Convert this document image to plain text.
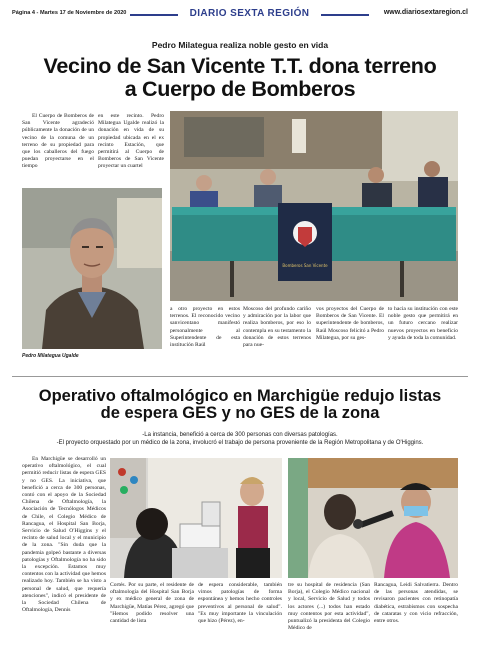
Página 4 - Martes 17 de Noviembre de 2020	DIARIO SEXTA REGIÓN	www.diariosextaregion.cl
Pedro Milategua realiza noble gesto en vida
Vecino de San Vicente T.T. dona terreno
a Cuerpo de Bomberos

El Cuerpo de Bomberos de San Vicente agradeció públicamente la donación de un vecino de la comuna de un terreno de su propiedad para que los caballeros del fuego puedan proyectarse en el tiempo

en este recinto. Pedro Milategua Ugalde realizó la donación en vida de su propiedad ubicada en el ex recinto Estación, que permitirá al Cuerpo de Bomberos de San Vicente proyectar un cuartel

Pedro Milategua Ugalde
Bomberos San Vicente

a otro proyecto en estos terrenos. El reconocido vecino sanvicentano manifestó personalmente al Superintendente de esta institución Raúl

Moscoso del profundo cariño y admiración por la labor que realiza bomberos, por eso lo contempla en su testamento la donación de estos terrenos para nue-

vos proyectos del Cuerpo de Bomberos de San Vicente. El superintendente de bomberos, Raúl Moscoso felicitó a Pedro Milategua, por su ges-

to hacia su institución con este noble gesto que permitirá en un futuro cercano realizar nuevos proyectos en beneficio y ayuda de toda la comunidad.

Operativo oftalmológico en Marchigüe redujo listas
de espera GES y no GES de la zona
-La instancia, benefició a cerca de 300 personas con diversas patologías.
-El proyecto orquestado por un médico de la zona, involucró el trabajo de persona proveniente de la Región Metropolitana y de O'Higgins.

En Marchigüe se desarrolló un operativo oftalmológico, el cual permitió reducir listas de espera GES y no GES. La iniciativa, que benefició a cerca de 300 personas, contó con el apoyo de la Sociedad Chilena de Oftalmología, la Asociación de Tecnólogos Médicos de Chile, el Colegio Médico de Rancagua, el Hospital San Borja, Servicio de Salud O'Higgins y el recinto de salud local y el municipio de la zona. "Sin duda que la pandemia golpeó bastante a diversas patologías y Oftalmología no ha sido la excepción. Estamos muy contentos con la actividad que hemos realizado hoy. También se ha visto a personal de salud, que requería atenciones", indicó el presidente de la Sociedad Chilena de Oftalmología, Dennis

Cortés. Por su parte, el residente de oftalmología del Hospital San Borja y ex médico general de zona de Marchigüe, Matías Pérez, agregó que "Hemos podido resolver una cantidad de lista

de espera considerable, también vimos patologías de forma espontánea y hemos hecho controles preventivos al personal de salud". "Es muy importante la vinculación que hizo (Pérez), en-

tre su hospital de residencia (San Borja), el Colegio Médico nacional y local, Servicio de Salud y todos los actores (...) todos han estado muy contentos por esta actividad", puntualizó la presidenta del Colegio Médico de

Rancagua, Leidi Salvatierra. Dentro de las personas atendidas, se revisaron pacientes con retinopatía diabética, estrabismos con sospecha de cataratas y con vicio refracción, entre otros.
